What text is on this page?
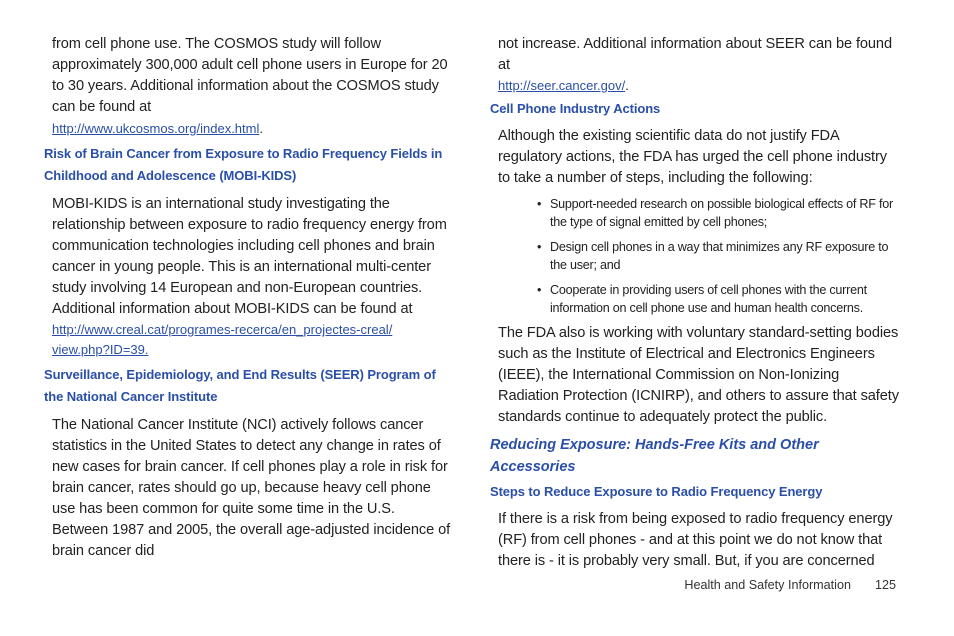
from cell phone use. The COSMOS study will follow approximately 300,000 adult cell phone users in Europe for 20 to 30 years. Additional information about the COSMOS study can be found at

http://www.ukcosmos.org/index.html.

Risk of Brain Cancer from Exposure to Radio Frequency Fields in Childhood and Adolescence (MOBI-KIDS)

MOBI-KIDS is an international study investigating the relationship between exposure to radio frequency energy from communication technologies including cell phones and brain cancer in young people. This is an international multi-center study involving 14 European and non-European countries. Additional information about MOBI-KIDS can be found at

http://www.creal.cat/programes-recerca/en_projectes-creal/
view.php?ID=39.

Surveillance, Epidemiology, and End Results (SEER) Program of the National Cancer Institute

The National Cancer Institute (NCI) actively follows cancer statistics in the United States to detect any change in rates of new cases for brain cancer. If cell phones play a role in risk for brain cancer, rates should go up, because heavy cell phone use has been common for quite some time in the U.S. Between 1987 and 2005, the overall age-adjusted incidence of brain cancer did

not increase. Additional information about SEER can be found at

http://seer.cancer.gov/.

Cell Phone Industry Actions

Although the existing scientific data do not justify FDA regulatory actions, the FDA has urged the cell phone industry to take a number of steps, including the following:

• Support-needed research on possible biological effects of RF for the type of signal emitted by cell phones;
• Design cell phones in a way that minimizes any RF exposure to the user; and
• Cooperate in providing users of cell phones with the current information on cell phone use and human health concerns.

The FDA also is working with voluntary standard-setting bodies such as the Institute of Electrical and Electronics Engineers (IEEE), the International Commission on Non-Ionizing Radiation Protection (ICNIRP), and others to assure that safety standards continue to adequately protect the public.

Reducing Exposure: Hands-Free Kits and Other Accessories

Steps to Reduce Exposure to Radio Frequency Energy

If there is a risk from being exposed to radio frequency energy (RF) from cell phones - and at this point we do not know that there is - it is probably very small. But, if you are concerned

Health and Safety Information 125
